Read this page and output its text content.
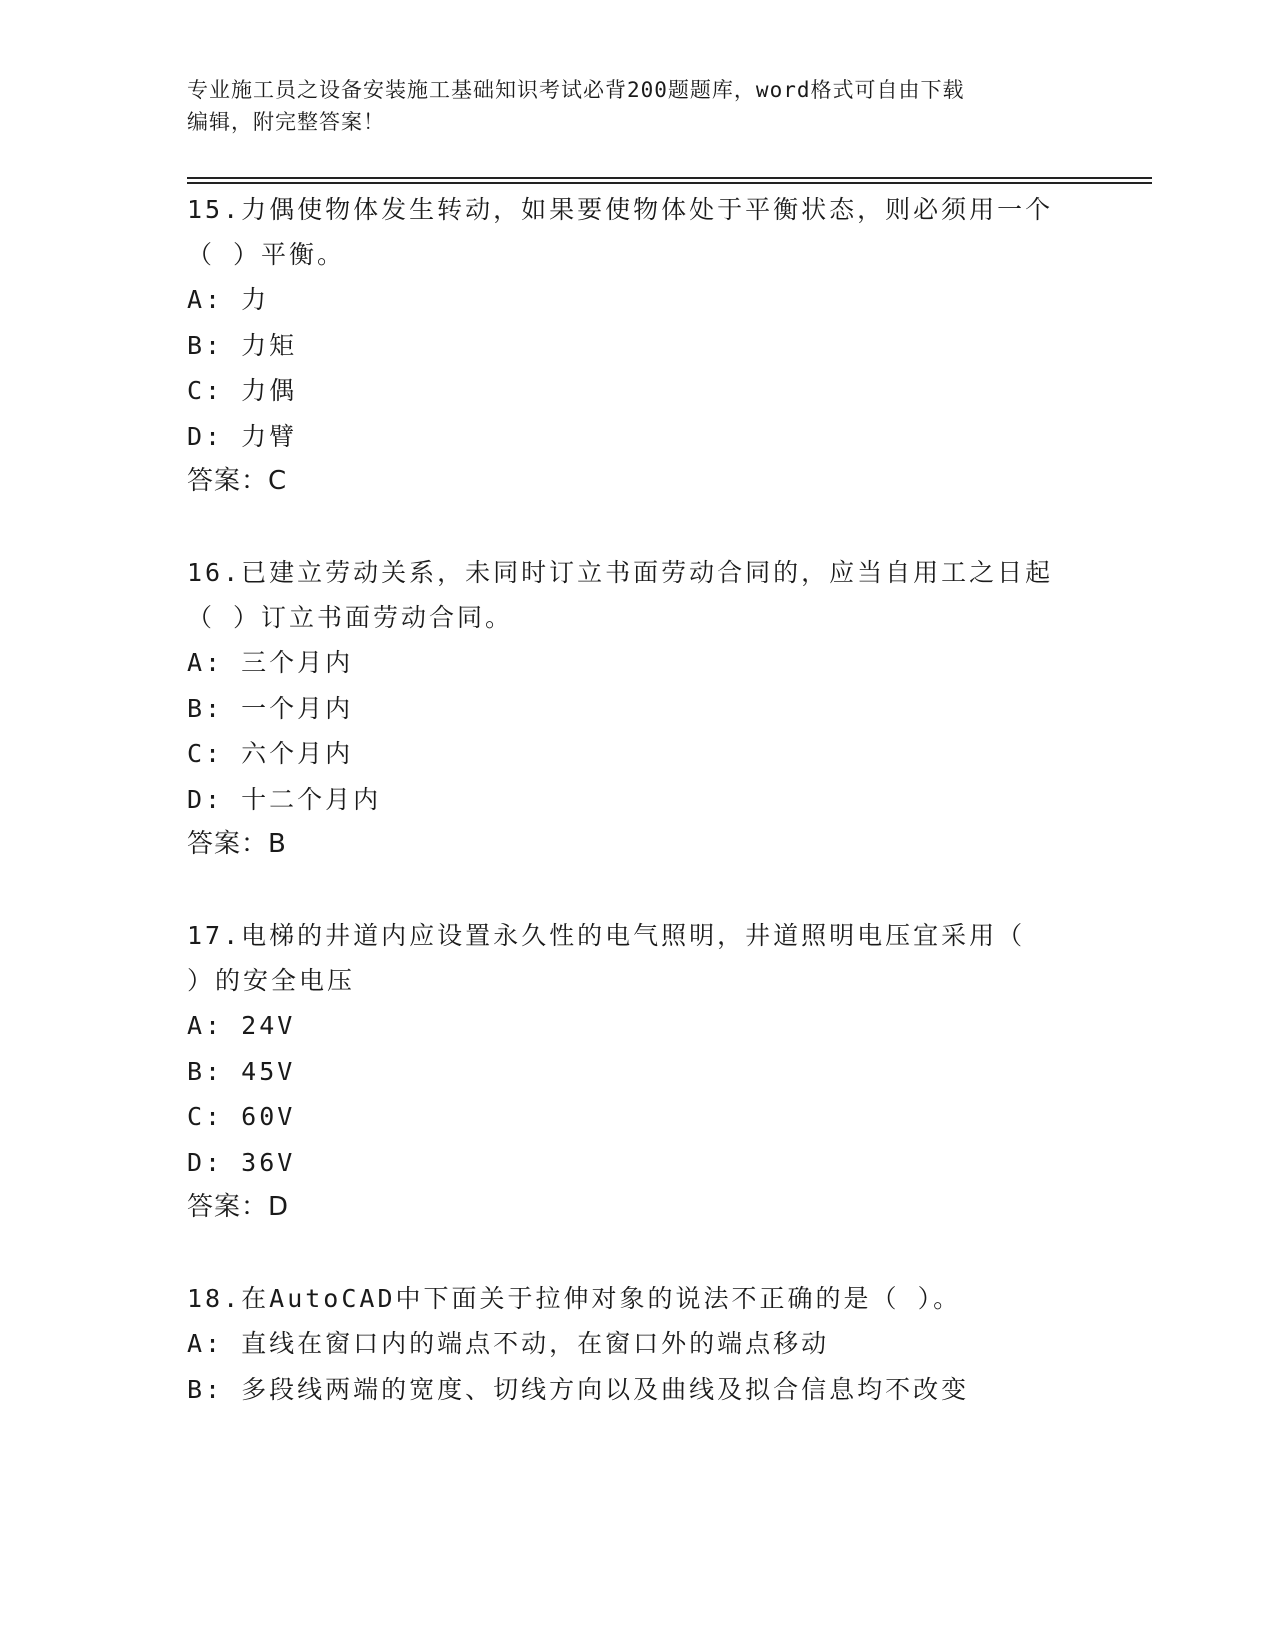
专业施工员之设备安装施工基础知识考试必背200题题库，word格式可自由下载
编辑，附完整答案！
15.力偶使物体发生转动，如果要使物体处于平衡状态，则必须用一个
（ ）平衡。
A: 力
B: 力矩
C: 力偶
D: 力臂
答案：C
16.已建立劳动关系，未同时订立书面劳动合同的，应当自用工之日起
（ ）订立书面劳动合同。
A: 三个月内
B: 一个月内
C: 六个月内
D: 十二个月内
答案：B
17.电梯的井道内应设置永久性的电气照明，井道照明电压宜采用（
）的安全电压
A: 24V
B: 45V
C: 60V
D: 36V
答案：D
18.在AutoCAD中下面关于拉伸对象的说法不正确的是（ ）。
A: 直线在窗口内的端点不动，在窗口外的端点移动
B: 多段线两端的宽度、切线方向以及曲线及拟合信息均不改变
